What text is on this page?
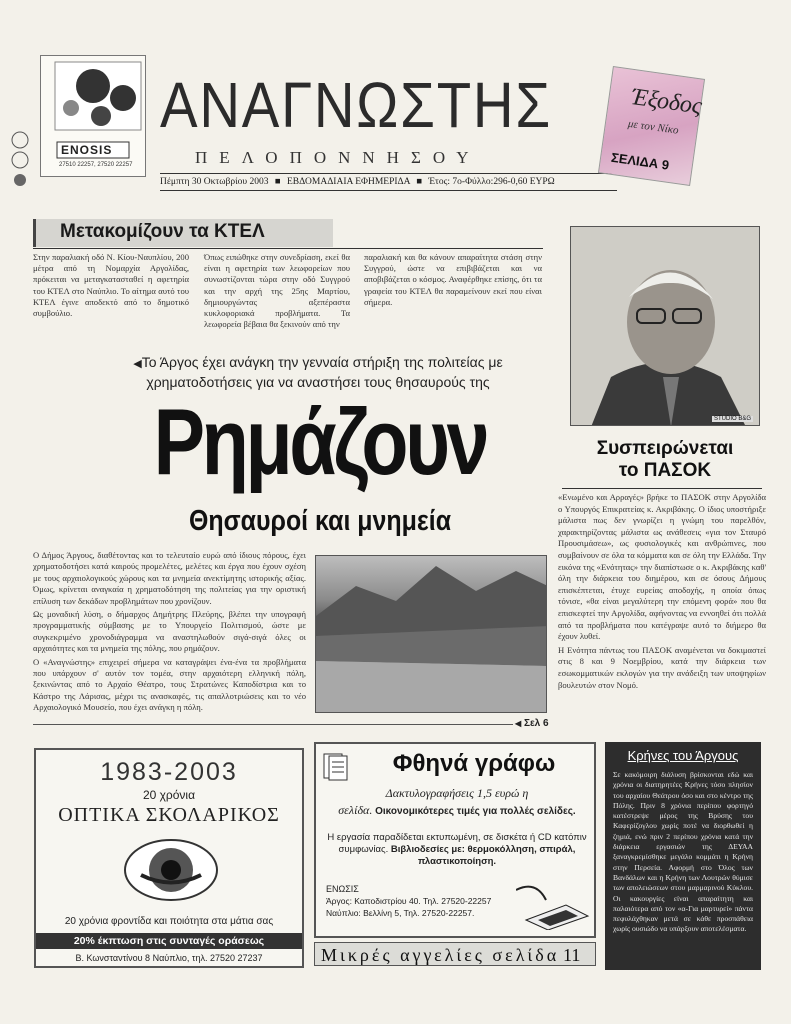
ENOSIS
27510 22257, 27520 22257
ΑΝΑΓΝΩΣΤΗΣ
ΠΕΛΟΠΟΝΝΗΣΟΥ
Πέμπτη 30 Οκτωβρίου 2003 ■ ΕΒΔΟΜΑΔΙΑΙΑ ΕΦΗΜΕΡΙΔΑ ■ Έτος: 7ο-Φύλλο:296-0,60 ΕΥΡΩ
Έξοδος
με τον Νίκο
ΣΕΛΙΔΑ 9
Μετακομίζουν τα ΚΤΕΛ
Στην παραλιακή οδό Ν. Κίου-Ναυπλίου, 200 μέτρα από τη Νομαρχία Αργολίδας, πρόκειται να μεταγκατασταθεί η αφετηρία του ΚΤΕΛ στο Ναύπλιο. Το αίτημα αυτό του ΚΤΕΛ έγινε αποδεκτό από το δημοτικό συμβούλιο.
Όπως ειπώθηκε στην συνεδρίαση, εκεί θα είναι η αφετηρία των λεωφορείων που συνωστίζονται τώρα στην οδό Συγγρού και την αρχή της 25ης Μαρτίου, δημιουργώντας αξεπέραστα κυκλοφοριακά προβλήματα. Τα λεωφορεία βέβαια θα ξεκινούν από την
παραλιακή και θα κάνουν απαραίτητα στάση στην Συγγρού, ώστε να επιβιβάζεται και να αποβιβάζεται ο κόσμος. Αναφέρθηκε επίσης, ότι τα γραφεία του ΚΤΕΛ θα παραμείνουν εκεί που είναι σήμερα.
STUDIO B&G
◀Το Άργος έχει ανάγκη την γενναία στήριξη της πολιτείας με χρηματοδοτήσεις για να αναστήσει τους θησαυρούς της
Ρημάζουν
Θησαυροί και μνημεία

Ο Δήμος Άργους, διαθέτοντας και το τελευταίο ευρώ από ίδιους πόρους, έχει χρηματοδοτήσει κατά καιρούς προμελέτες, μελέτες και έργα που έχουν σχέση με τους αρχαιολογικούς χώρους και τα μνημεία ανεκτίμητης ιστορικής αξίας. Όμως, κρίνεται αναγκαία η χρηματοδότηση της πολιτείας για την οριστική επίλυση των δεκάδων προβλημάτων που χρονίζουν.

Ως μοναδική λύση, ο δήμαρχος Δημήτρης Πλεύρης, βλέπει την υπογραφή προγραμματικής σύμβασης με το Υπουργείο Πολιτισμού, ώστε με συγκεκριμένο χρονοδιάγραμμα να αναστηλωθούν σιγά-σιγά όλες οι αρχαιότητες και τα μνημεία της πόλης, που ρημάζουν.

Ο «Αναγνώστης» επιχειρεί σήμερα να καταγράψει ένα-ένα τα προβλήματα που υπάρχουν σ' αυτόν τον τομέα, στην αρχαιότερη ελληνική πόλη, ξεκινώντας από το Αρχαίο Θέατρο, τους Στρατώνες Καποδίστρια και το Κάστρο της Λάρισας, μέχρι τις ανασκαφές, τις απαλλοτριώσεις και το νέο Αρχαιολογικό Μουσείο, που έχει ανάγκη η πόλη.

◀ Σελ 6
Συσπειρώνεται
το ΠΑΣΟΚ

«Ενωμένο και Αρραγές» βρήκε το ΠΑΣΟΚ στην Αργολίδα ο Υπουργός Επικρατείας κ. Ακριβάκης. Ο ίδιος υποστήριξε μάλιστα πως δεν γνωρίζει η γνώμη του παρελθόν, χαρακτηρίζοντας μάλιστα ως ανάθεσεις «για τον Σταυρό Προυσιμάσεω», ως φυσιολογικές και ανθρώπινες, που συμβαίνουν σε όλα τα κόμματα και σε όλη την Ελλάδα. Την εικόνα της «Ενότητας» την διαπίστωσε ο κ. Ακριβάκης καθ' όλη την διάρκεια του διημέρου, και σε όσους Δήμους επισκέπτεται, έτυχε ευρείας αποδοχής, η οποία όπως τόνισε, «θα είναι μεγαλύτερη την επόμενη φορά» που θα επισκεφτεί την Αργολίδα, αφήνοντας να εννοηθεί ότι πολλά από τα προβλήματα που κατέγραψε αυτό το διήμερο θα έχουν λυθεί.

Η Ενότητα πάντως του ΠΑΣΟΚ αναμένεται να δοκιμαστεί στις 8 και 9 Νοεμβρίου, κατά την διάρκεια των εσωκομματικών εκλογών για την ανάδειξη των υποψηφίων βουλευτών στον Νομό.

1983-2003
20 χρόνια
ΟΠΤΙΚΑ ΣΚΟΛΑΡΙΚΟΣ
20 χρόνια φροντίδα και ποιότητα στα μάτια σας
20% έκπτωση στις συνταγές οράσεως
Β. Κωνσταντίνου 8 Ναύπλιο, τηλ. 27520 27237
Φθηνά γράφω
Δακτυλογραφήσεις 1,5 ευρώ η
σελίδα. Οικονομικότερες τιμές για πολλές σελίδες.
Η εργασία παραδίδεται εκτυπωμένη, σε δισκέτα ή CD κατόπιν συμφωνίας. Βιβλιοδεσίες με: θερμοκόλληση, σπιράλ, πλαστικοποίηση.
ΕΝΩΣΙΣ
Άργος: Καποδιστρίου 40. Τηλ. 27520-22257
Ναύπλιο: Βελλίνη 5, Τηλ. 27520-22257.
Μικρές αγγελίες σελίδα 11
Κρήνες του Άργους
Σε κακόμοιρη διάλυση βρίσκονται εδώ και χρόνια οι διατηρητέες Κρήνες τόσο πλησίον του αρχαίου Θεάτρου όσο και στο κέντρο της Πόλης. Πριν 8 χρόνια περίπου φορτηγό κατέστρεψε μέρος της Βρύσης του Καφερίζογλου χωρίς ποτέ να διορθωθεί η ζημιά, ενώ πριν 2 περίπου χρόνια κατά την διάρκεια εργασιών της ΔΕΥΑΑ ξαναγκρεμίσθηκε μεγάλο κομμάτι η Κρήνη στην Περσεία. Αφορμή στο Όλος των Βανδάλων και η Κρήνη των Λουτρών θύμισε των απολειώσεων στου μαρμαρινού Κύκλου. Οι κακουργίες είναι απαραίτητη και παλαιότερα από τον «α-Για μαρτυρεί» πάντα πεφυλάχθηκαν μετά σε κάθε προσπάθεια χωρίς ουσιώδο να υπάρξουν αποτελέσματα.
